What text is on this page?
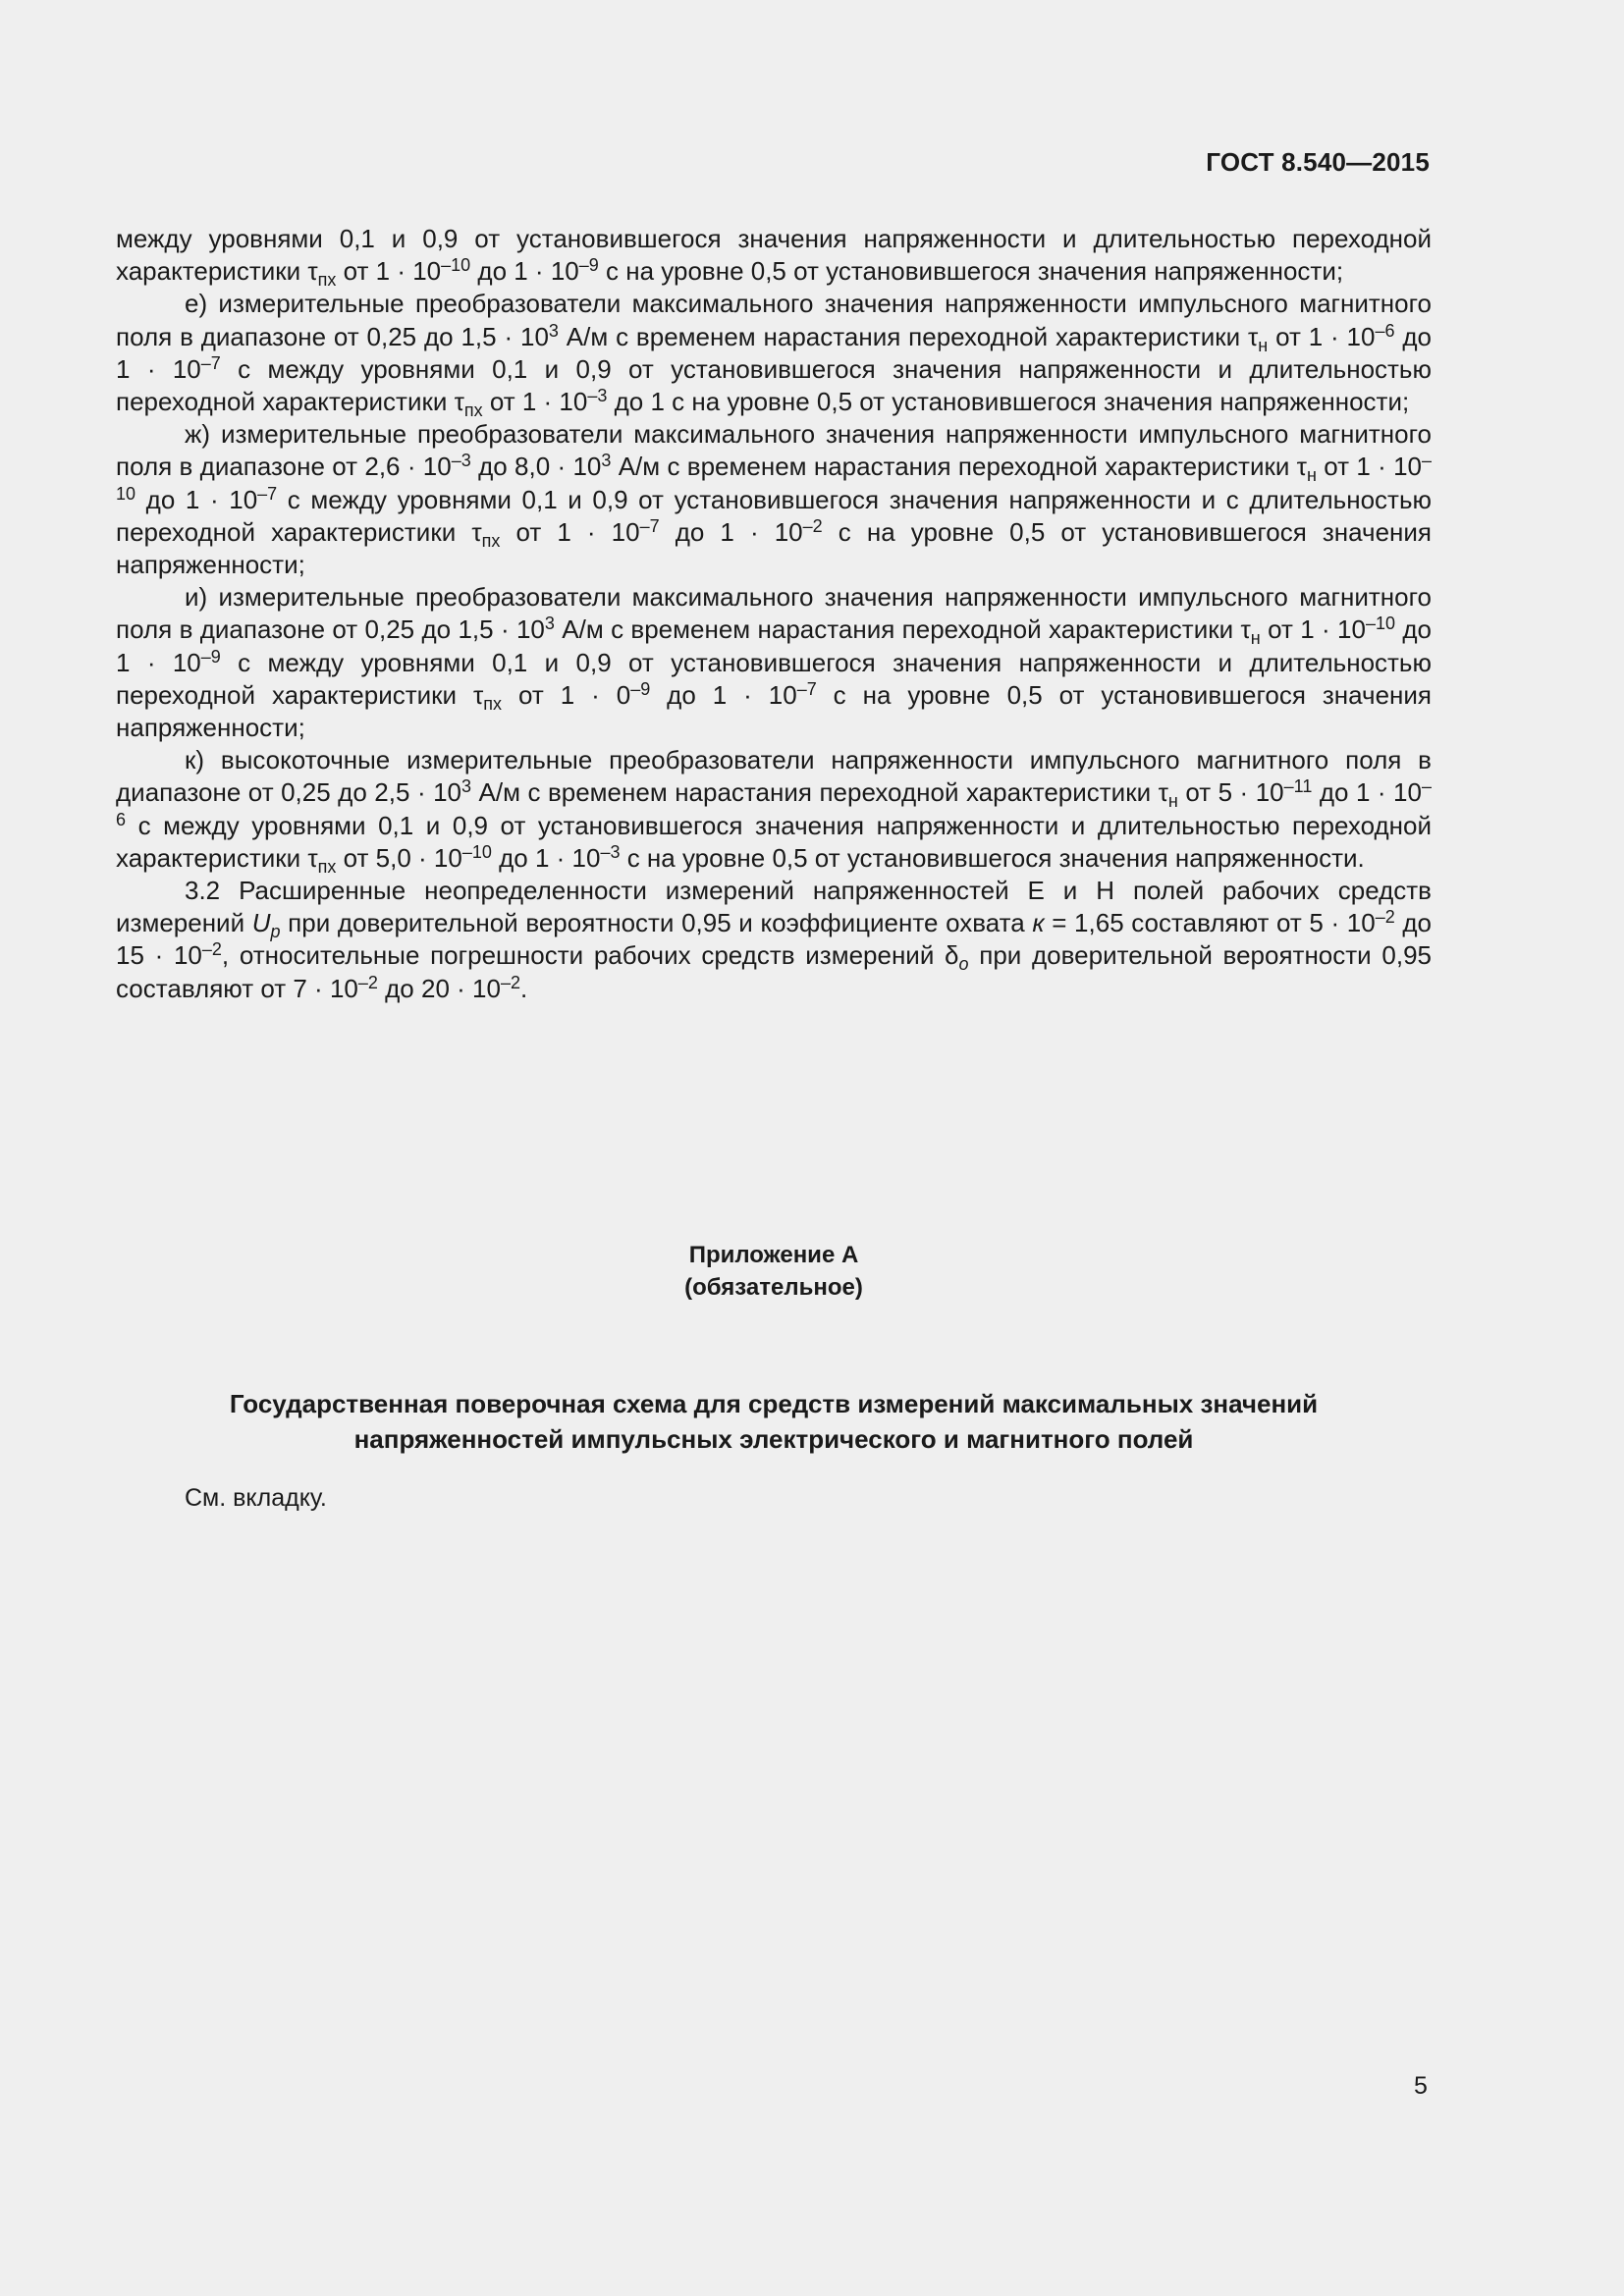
ГОСТ 8.540—2015

между уровнями 0,1 и 0,9 от установившегося значения напряженности и длительностью переходной характеристики $\tau_{пх}$ от $1 \cdot 10^{-10}$ до $1 \cdot 10^{-9}$ с на уровне 0,5 от установившегося значения напряженности;

е) измерительные преобразователи максимального значения напряженности импульсного магнитного поля в диапазоне от 0,25 до $1,5 \cdot 10^3$ А/м с временем нарастания переходной характеристики $\tau_н$ от $1 \cdot 10^{-6}$ до $1 \cdot 10^{-7}$ с между уровнями 0,1 и 0,9 от установившегося значения напряженности и длительностью переходной характеристики $\tau_{пх}$ от $1 \cdot 10^{-3}$ до 1 с на уровне 0,5 от установившегося значения напряженности;

ж) измерительные преобразователи максимального значения напряженности импульсного магнитного поля в диапазоне от $2,6 \cdot 10^{-3}$ до $8,0 \cdot 10^3$ А/м с временем нарастания переходной характеристики $\tau_н$ от $1 \cdot 10^{-10}$ до $1 \cdot 10^{-7}$ с между уровнями 0,1 и 0,9 от установившегося значения напряженности и с длительностью переходной характеристики $\tau_{пх}$ от $1 \cdot 10^{-7}$ до $1 \cdot 10^{-2}$ с на уровне 0,5 от установившегося значения напряженности;

и) измерительные преобразователи максимального значения напряженности импульсного магнитного поля в диапазоне от 0,25 до $1,5 \cdot 10^3$ А/м с временем нарастания переходной характеристики $\tau_н$ от $1 \cdot 10^{-10}$ до $1 \cdot 10^{-9}$ с между уровнями 0,1 и 0,9 от установившегося значения напряженности и длительностью переходной характеристики $\tau_{пх}$ от $1 \cdot 0^{-9}$ до $1 \cdot 10^{-7}$ с на уровне 0,5 от установившегося значения напряженности;

к) высокоточные измерительные преобразователи напряженности импульсного магнитного поля в диапазоне от 0,25 до $2,5 \cdot 10^3$ А/м с временем нарастания переходной характеристики $\tau_н$ от $5 \cdot 10^{-11}$ до $1 \cdot 10^{-6}$ с между уровнями 0,1 и 0,9 от установившегося значения напряженности и длительностью переходной характеристики $\tau_{пх}$ от $5,0 \cdot 10^{-10}$ до $1 \cdot 10^{-3}$ с на уровне 0,5 от установившегося значения напряженности.

3.2 Расширенные неопределенности измерений напряженностей Е и Н полей рабочих средств измерений $U_р$ при доверительной вероятности 0,95 и коэффициенте охвата к = 1,65 составляют от $5 \cdot 10^{-2}$ до $15 \cdot 10^{-2}$, относительные погрешности рабочих средств измерений $\delta_о$ при доверительной вероятности 0,95 составляют от $7 \cdot 10^{-2}$ до $20 \cdot 10^{-2}$.

Приложение А
(обязательное)
Государственная поверочная схема для средств измерений максимальных значений
напряженностей импульсных электрического и магнитного полей
См. вкладку.
5
